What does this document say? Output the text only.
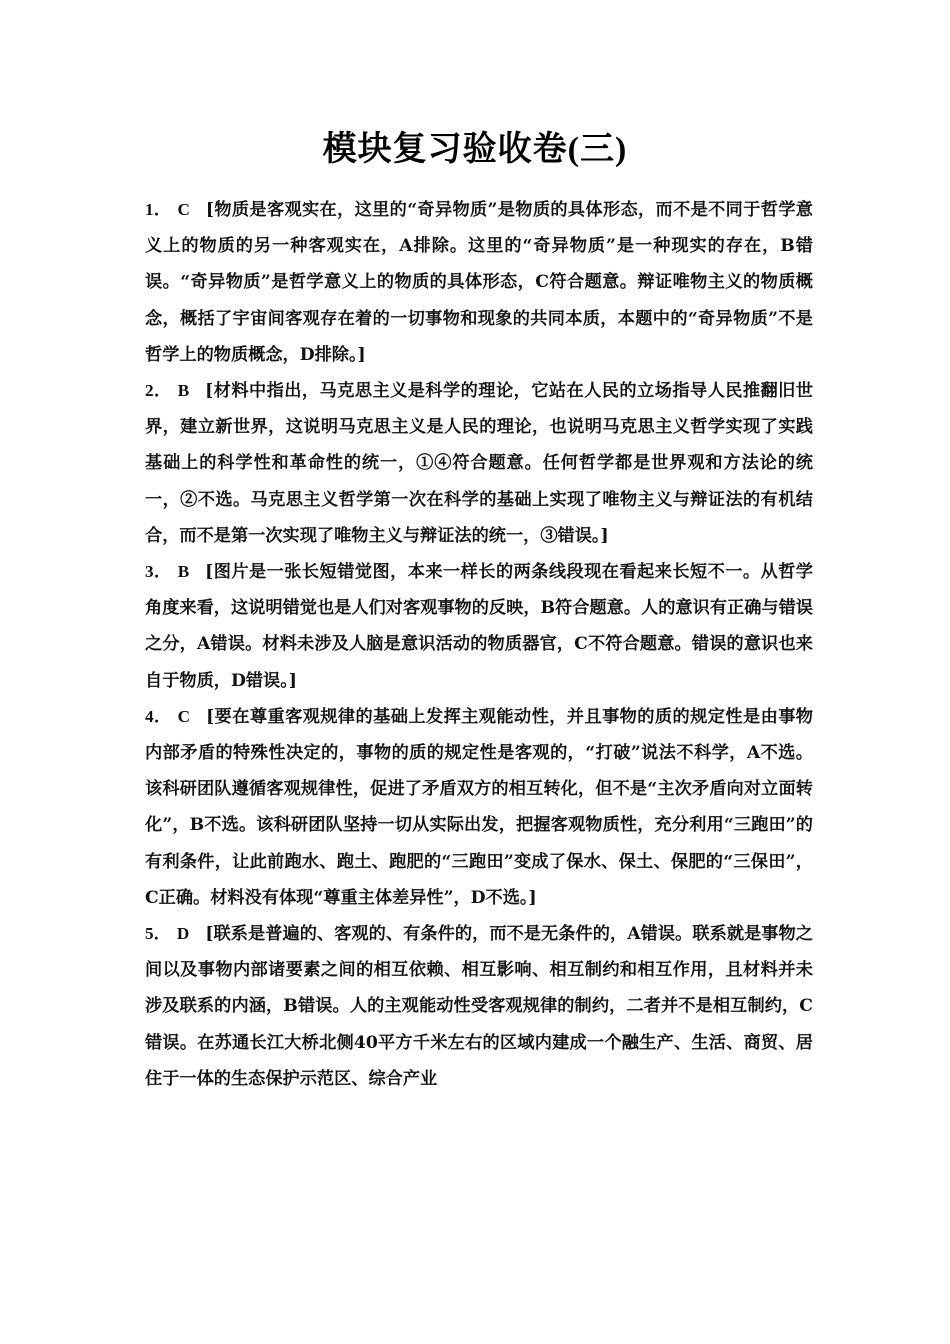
模块复习验收卷(三)

1． C [物质是客观实在，这里的“奇异物质”是物质的具体形态，而不是不同于哲学意义上的物质的另一种客观实在，A排除。这里的“奇异物质”是一种现实的存在，B错误。“奇异物质”是哲学意义上的物质的具体形态，C符合题意。辩证唯物主义的物质概念，概括了宇宙间客观存在着的一切事物和现象的共同本质，本题中的“奇异物质”不是哲学上的物质概念，D排除。]

2． B [材料中指出，马克思主义是科学的理论，它站在人民的立场指导人民推翻旧世界，建立新世界，这说明马克思主义是人民的理论，也说明马克思主义哲学实现了实践基础上的科学性和革命性的统一，①④符合题意。任何哲学都是世界观和方法论的统一，②不选。马克思主义哲学第一次在科学的基础上实现了唯物主义与辩证法的有机结合，而不是第一次实现了唯物主义与辩证法的统一，③错误。]

3． B [图片是一张长短错觉图，本来一样长的两条线段现在看起来长短不一。从哲学角度来看，这说明错觉也是人们对客观事物的反映，B符合题意。人的意识有正确与错误之分，A错误。材料未涉及人脑是意识活动的物质器官，C不符合题意。错误的意识也来自于物质，D错误。]

4． C [要在尊重客观规律的基础上发挥主观能动性，并且事物的质的规定性是由事物内部矛盾的特殊性决定的，事物的质的规定性是客观的，“打破”说法不科学，A不选。该科研团队遵循客观规律性，促进了矛盾双方的相互转化，但不是“主次矛盾向对立面转化”，B不选。该科研团队坚持一切从实际出发，把握客观物质性，充分利用“三跑田”的有利条件，让此前跑水、跑土、跑肥的“三跑田”变成了保水、保土、保肥的“三保田”，C正确。材料没有体现“尊重主体差异性”，D不选。]

5． D [联系是普遍的、客观的、有条件的，而不是无条件的，A错误。联系就是事物之间以及事物内部诸要素之间的相互依赖、相互影响、相互制约和相互作用，且材料并未涉及联系的内涵，B错误。人的主观能动性受客观规律的制约，二者并不是相互制约，C错误。在苏通长江大桥北侧40平方千米左右的区域内建成一个融生产、生活、商贸、居住于一体的生态保护示范区、综合产业
